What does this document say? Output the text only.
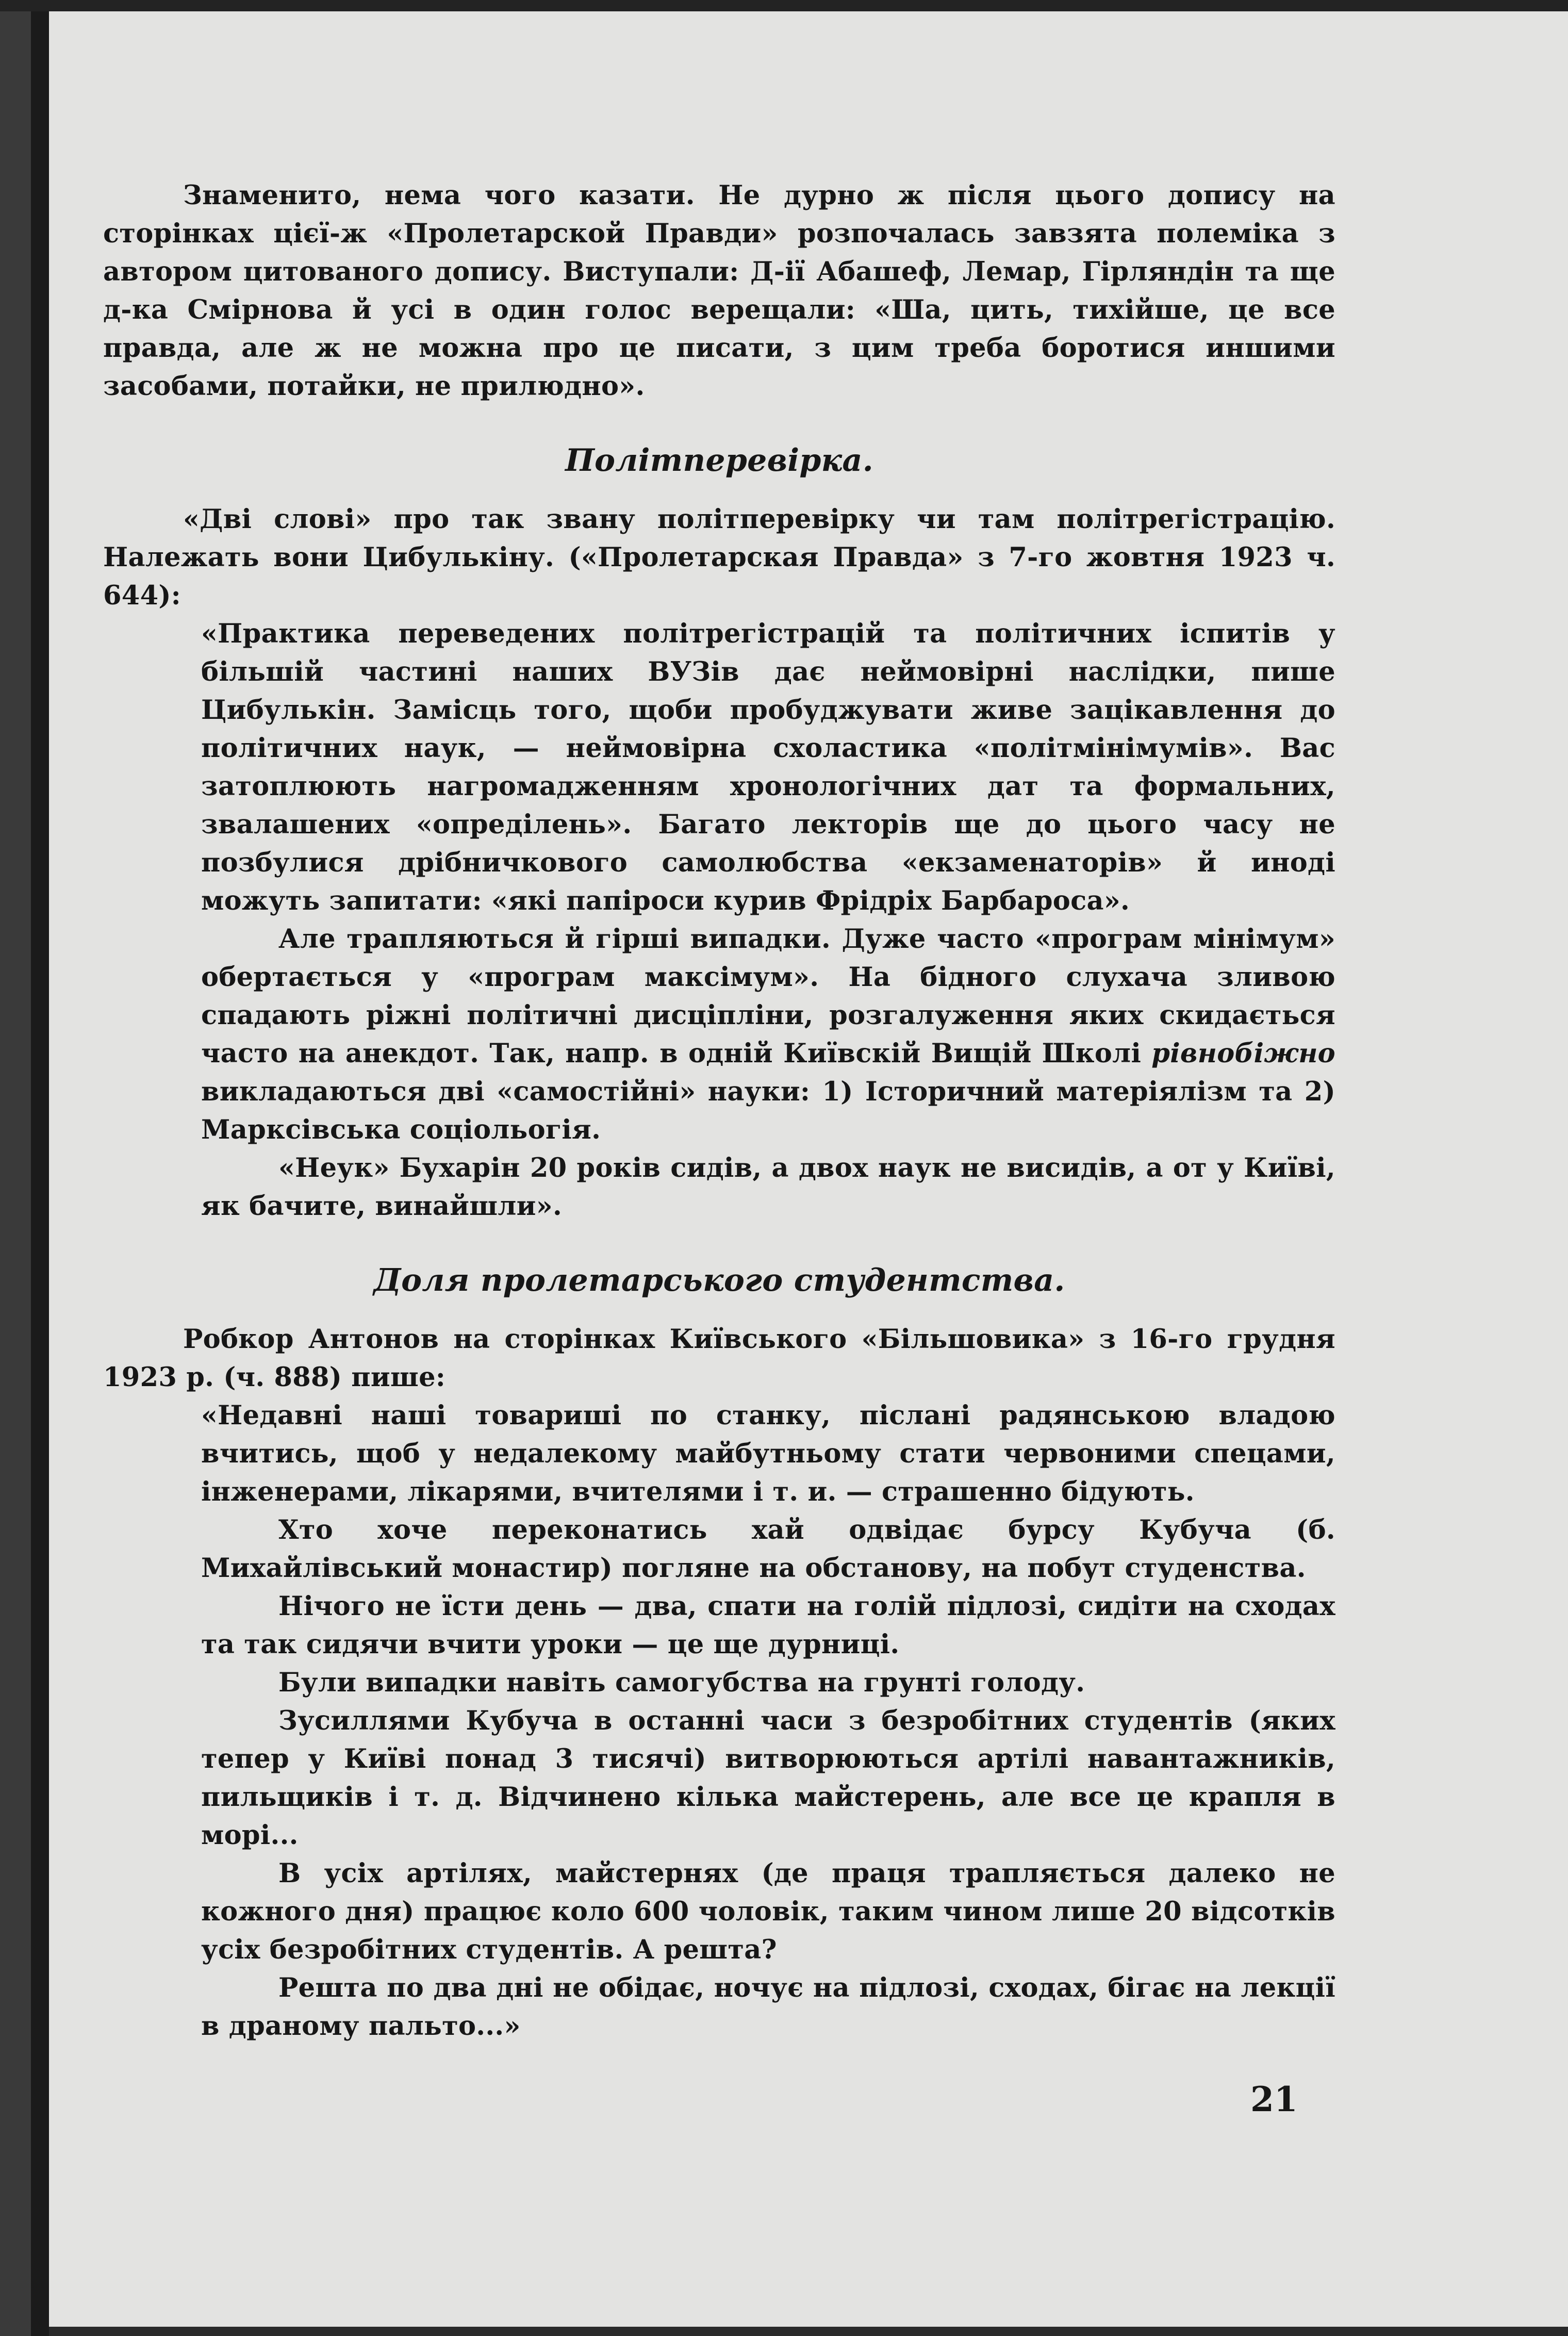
Знаменито, нема чого казати. Не дурно ж після цього допису на сторінках цієї-ж «Пролетарской Правди» розпочалась завзята полеміка з автором цитованого допису. Виступали: Д-ії Абашеф, Лемар, Гірляндін та ще д-ка Смірнова й усі в один голос верещали: «Ша, цить, тихійше, це все правда, але ж не можна про це писати, з цим треба боротися иншими засобами, потайки, не прилюдно».

Політперевірка.

«Дві слові» про так звану політперевірку чи там політрегістрацію. Належать вони Цибулькіну. («Пролетарская Правда» з 7-го жовтня 1923 ч. 644):

«Практика переведених політрегістрацій та політичних іспитів у більшій частині наших ВУЗів дає неймовірні наслідки, пише Цибулькін. Замісць того, щоби пробуджувати живе зацікавлення до політичних наук, — неймовірна схоластика «політмінімумів». Вас затоплюють нагромадженням хронологічних дат та формальних, звалашених «опреділень». Багато лекторів ще до цього часу не позбулися дрібничкового самолюбства «екзаменаторів» й иноді можуть запитати: «які папіроси курив Фрідріх Барбароса».

Але трапляються й гірші випадки. Дуже часто «програм мінімум» обертається у «програм максімум». На бідного слухача зливою спадають ріжні політичні дисціпліни, розгалуження яких скидається часто на анекдот. Так, напр. в одній Київскій Вищій Школі рівнобіжно викладаються дві «самостійні» науки: 1) Історичний матеріялізм та 2) Марксівська соціольогія.

«Неук» Бухарін 20 років сидів, а двох наук не висидів, а от у Київі, як бачите, винайшли».

Доля пролетарського студентства.

Робкор Антонов на сторінках Київського «Більшовика» з 16-го грудня 1923 р. (ч. 888) пише:

«Недавні наші товариші по станку, післані радянською владою вчитись, щоб у недалекому майбутньому стати червоними спецами, інженерами, лікарями, вчителями і т. и. — страшенно бідують.

Хто хоче переконатись хай одвідає бурсу Кубуча (б. Михайлівський монастир) погляне на обстанову, на побут студенства.

Нічого не їсти день — два, спати на голій підлозі, сидіти на сходах та так сидячи вчити уроки — це ще дурниці.

Були випадки навіть самогубства на грунті голоду.

Зусиллями Кубуча в останні часи з безробітних студентів (яких тепер у Київі понад 3 тисячі) витворюються артілі навантажників, пильщиків і т. д. Відчинено кілька майстерень, але все це крапля в морі...

В усіх артілях, майстернях (де праця трапляється далеко не кожного дня) працює коло 600 чоловік, таким чином лише 20 відсотків усіх безробітних студентів. А решта?

Решта по два дні не обідає, ночує на підлозі, сходах, бігає на лекції в драному пальто...»

21
